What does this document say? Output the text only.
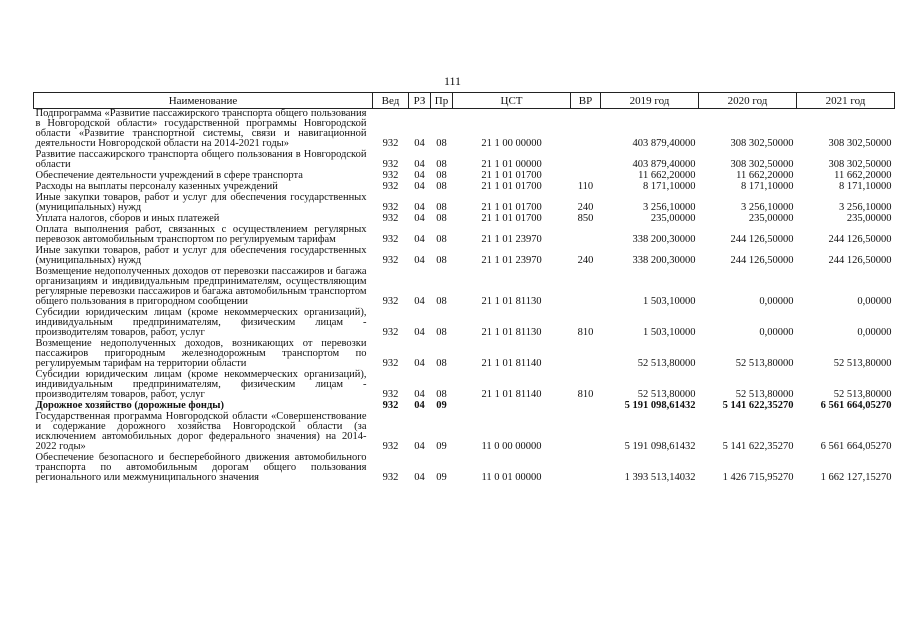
111
Наименование	Вед	РЗ	Пр	ЦСТ	ВР	2019 год	2020 год	2021 год
Подпрограмма «Развитие пассажирского транспорта общего пользования в Новгородской области» государственной программы Новгородской области «Развитие транспортной системы, связи и навигационной деятельности Новгородской области на 2014-2021 годы»	932	04	08	21 1 00 00000		403 879,40000	308 302,50000	308 302,50000
Развитие пассажирского транспорта общего пользования в Новгородской области	932	04	08	21 1 01 00000		403 879,40000	308 302,50000	308 302,50000
Обеспечение деятельности учреждений в сфере транспорта	932	04	08	21 1 01 01700		11 662,20000	11 662,20000	11 662,20000
Расходы на выплаты персоналу казенных учреждений	932	04	08	21 1 01 01700	110	8 171,10000	8 171,10000	8 171,10000
Иные закупки товаров, работ и услуг для обеспечения государственных (муниципальных) нужд	932	04	08	21 1 01 01700	240	3 256,10000	3 256,10000	3 256,10000
Уплата налогов, сборов и иных платежей	932	04	08	21 1 01 01700	850	235,00000	235,00000	235,00000
Оплата выполнения работ, связанных с осуществлением регулярных перевозок автомобильным транспортом по регулируемым тарифам	932	04	08	21 1 01 23970		338 200,30000	244 126,50000	244 126,50000
Иные закупки товаров, работ и услуг для обеспечения государственных (муниципальных) нужд	932	04	08	21 1 01 23970	240	338 200,30000	244 126,50000	244 126,50000
Возмещение недополученных доходов от перевозки пассажиров и багажа организациям и индивидуальным предпринимателям, осуществляющим регулярные перевозки пассажиров и багажа автомобильным транспортом общего пользования в пригородном сообщении	932	04	08	21 1 01 81130		1 503,10000	0,00000	0,00000
Субсидии юридическим лицам (кроме некоммерческих организаций), индивидуальным предпринимателям, физическим лицам - производителям товаров, работ, услуг	932	04	08	21 1 01 81130	810	1 503,10000	0,00000	0,00000
Возмещение недополученных доходов, возникающих от перевозки пассажиров пригородным железнодорожным транспортом по регулируемым тарифам на территории области	932	04	08	21 1 01 81140		52 513,80000	52 513,80000	52 513,80000
Субсидии юридическим лицам (кроме некоммерческих организаций), индивидуальным предпринимателям, физическим лицам - производителям товаров, работ, услуг	932	04	08	21 1 01 81140	810	52 513,80000	52 513,80000	52 513,80000
Дорожное хозяйство (дорожные фонды)	932	04	09			5 191 098,61432	5 141 622,35270	6 561 664,05270
Государственная программа Новгородской области «Совершенствование и содержание дорожного хозяйства Новгородской области (за исключением автомобильных дорог федерального значения) на 2014-2022 годы»	932	04	09	11 0 00 00000		5 191 098,61432	5 141 622,35270	6 561 664,05270
Обеспечение безопасного и бесперебойного движения автомобильного транспорта по автомобильным дорогам общего пользования регионального или межмуниципального значения	932	04	09	11 0 01 00000		1 393 513,14032	1 426 715,95270	1 662 127,15270
